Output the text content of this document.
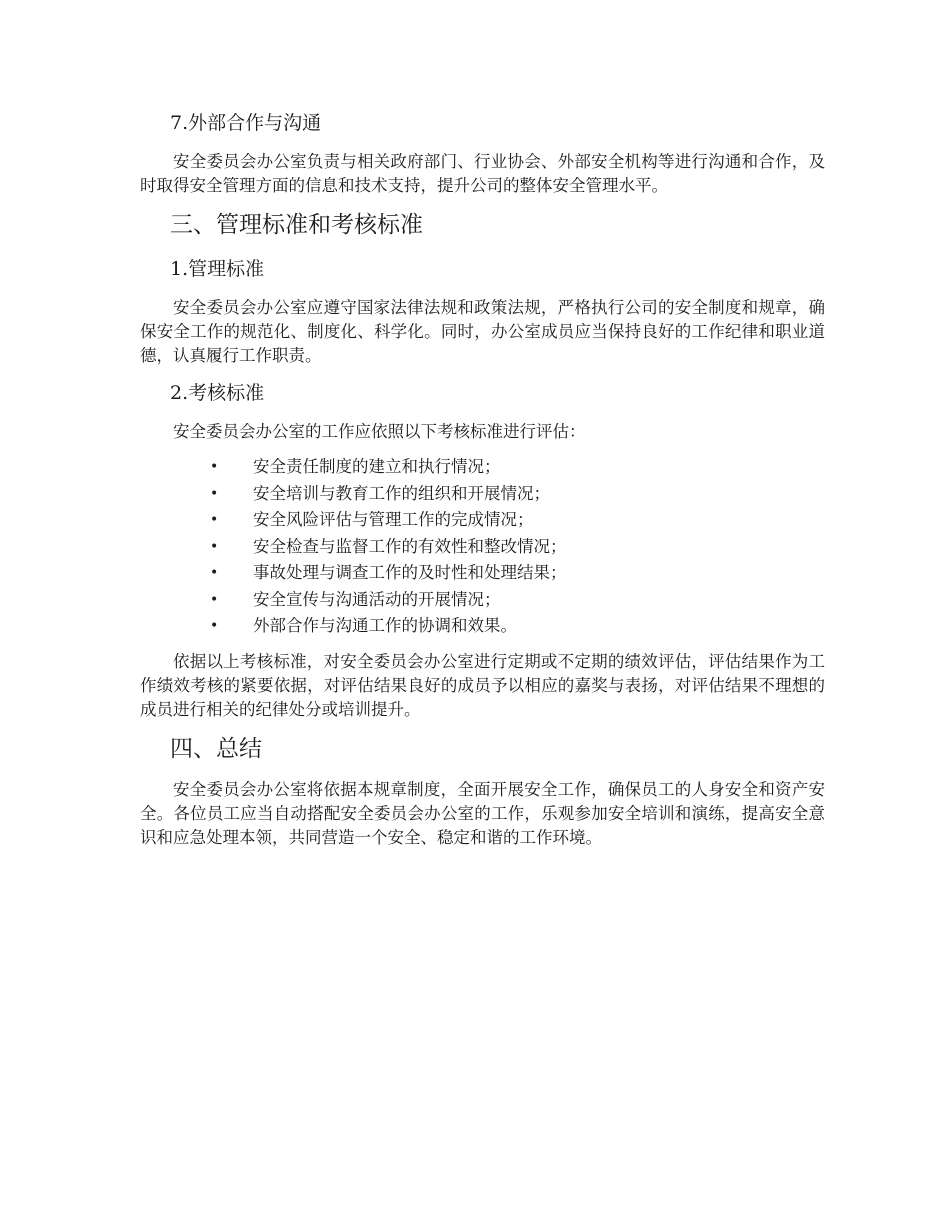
7.外部合作与沟通

安全委员会办公室负责与相关政府部门、行业协会、外部安全机构等进行沟通和合作，及时取得安全管理方面的信息和技术支持，提升公司的整体安全管理水平。

三、管理标准和考核标准
1.管理标准

安全委员会办公室应遵守国家法律法规和政策法规，严格执行公司的安全制度和规章，确保安全工作的规范化、制度化、科学化。同时，办公室成员应当保持良好的工作纪律和职业道德，认真履行工作职责。

2.考核标准

安全委员会办公室的工作应依照以下考核标准进行评估：

• 安全责任制度的建立和执行情况；
• 安全培训与教育工作的组织和开展情况；
• 安全风险评估与管理工作的完成情况；
• 安全检查与监督工作的有效性和整改情况；
• 事故处理与调查工作的及时性和处理结果；
• 安全宣传与沟通活动的开展情况；
• 外部合作与沟通工作的协调和效果。

依据以上考核标准，对安全委员会办公室进行定期或不定期的绩效评估，评估结果作为工作绩效考核的紧要依据，对评估结果良好的成员予以相应的嘉奖与表扬，对评估结果不理想的成员进行相关的纪律处分或培训提升。

四、总结

安全委员会办公室将依据本规章制度，全面开展安全工作，确保员工的人身安全和资产安全。各位员工应当自动搭配安全委员会办公室的工作，乐观参加安全培训和演练，提高安全意识和应急处理本领，共同营造一个安全、稳定和谐的工作环境。
